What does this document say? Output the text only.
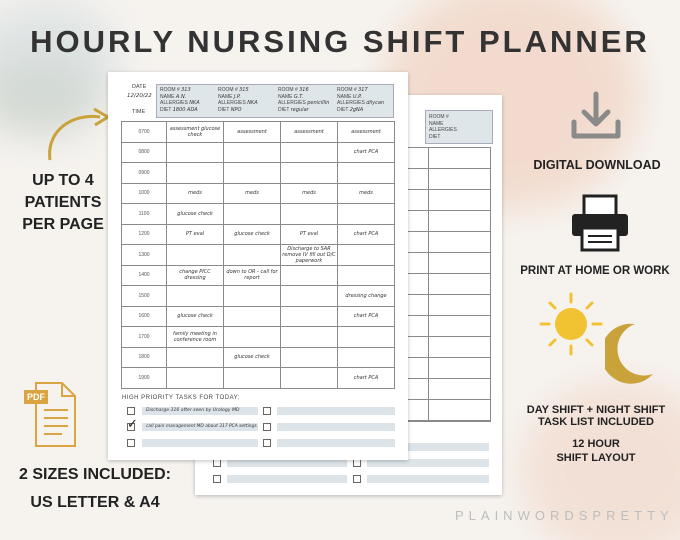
HOURLY NURSING SHIFT PLANNER
UP TO 4 PATIENTS PER PAGE
PDF
2 SIZES INCLUDED:
US LETTER & A4
ROOM #
NAME
ALLERGIES
DIET
DATE
12/20/22
TIME
ROOM # 313
NAME A.N.
ALLERGIES NKA
DIET 1800 ADA
ROOM # 315
NAME J.P.
ALLERGIES NKA
DIET NPO
ROOM # 316
NAME G.T.
ALLERGIES penicillin
DIET regular
ROOM # 317
NAME U.P.
ALLERGIES dilycan
DIET 2gNA
0700	assessment glucose check	assessment	assessment	assessment
0800				chart PCA
0900				
1000	meds	meds	meds	meds
1100	glucose check			
1200	PT eval	glucose check	PT eval	chart PCA
1300			Discharge to SAR remove IV fill out D/C paperwork	
1400	change PICC dressing	down to OR - call for report		
1500				dressing change
1600	glucose check			chart PCA
1700	family meeting in conference room			
1800		glucose check		
1900				chart PCA
HIGH PRIORITY TASKS FOR TODAY:
Discharge 316 after seen by Urology MD
✓ call pain management MD about 317 PCA settings
DIGITAL DOWNLOAD
PRINT AT HOME OR WORK
DAY SHIFT + NIGHT SHIFT
TASK LIST INCLUDED
12 HOUR
SHIFT LAYOUT
PLAINWORDSPRETTY
